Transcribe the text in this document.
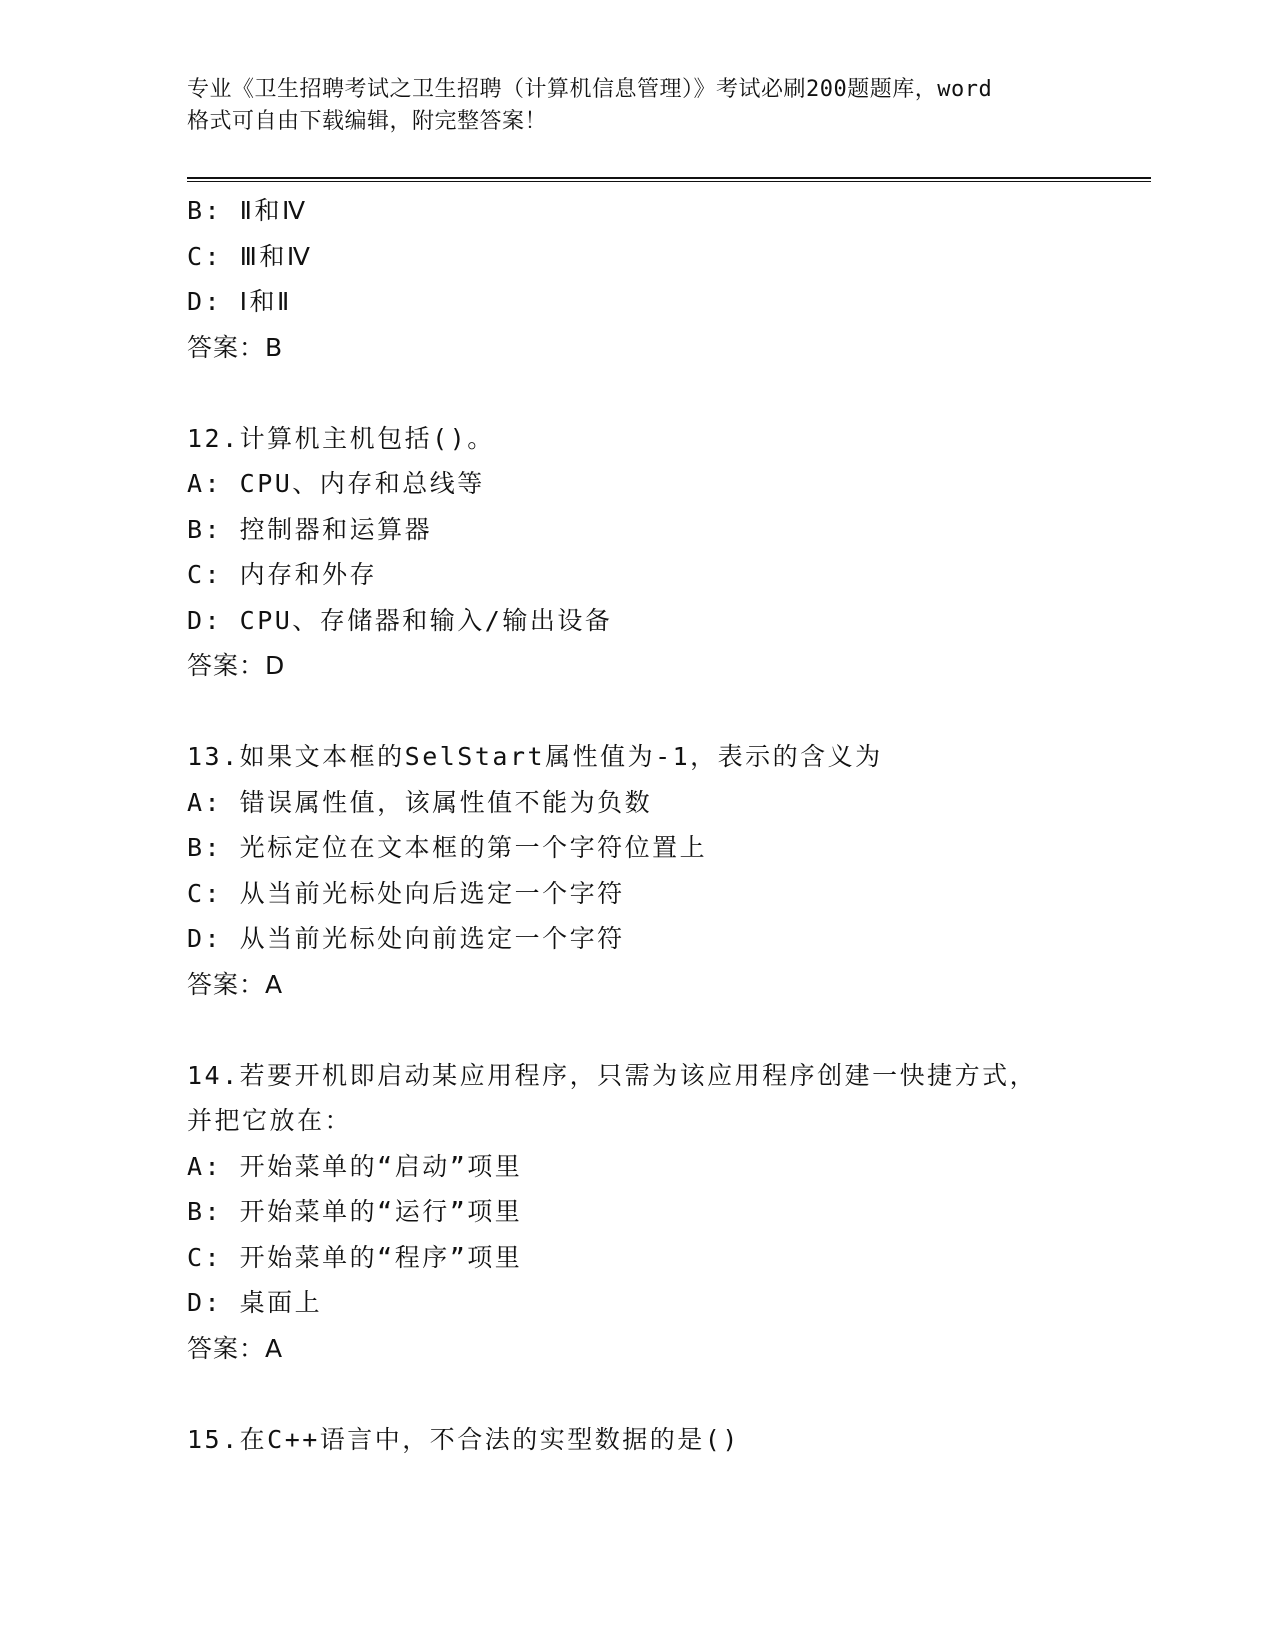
专业《卫生招聘考试之卫生招聘（计算机信息管理）》考试必刷200题题库，word
格式可自由下载编辑，附完整答案！
B: Ⅱ和Ⅳ
C: Ⅲ和Ⅳ
D: Ⅰ和Ⅱ
答案：B
12.计算机主机包括()。
A: CPU、内存和总线等
B: 控制器和运算器
C: 内存和外存
D: CPU、存储器和输入/输出设备
答案：D
13.如果文本框的SelStart属性值为-1，表示的含义为
A: 错误属性值，该属性值不能为负数
B: 光标定位在文本框的第一个字符位置上
C: 从当前光标处向后选定一个字符
D: 从当前光标处向前选定一个字符
答案：A
14.若要开机即启动某应用程序，只需为该应用程序创建一快捷方式，
并把它放在：
A: 开始菜单的“启动”项里
B: 开始菜单的“运行”项里
C: 开始菜单的“程序”项里
D: 桌面上
答案：A
15.在C++语言中，不合法的实型数据的是()
